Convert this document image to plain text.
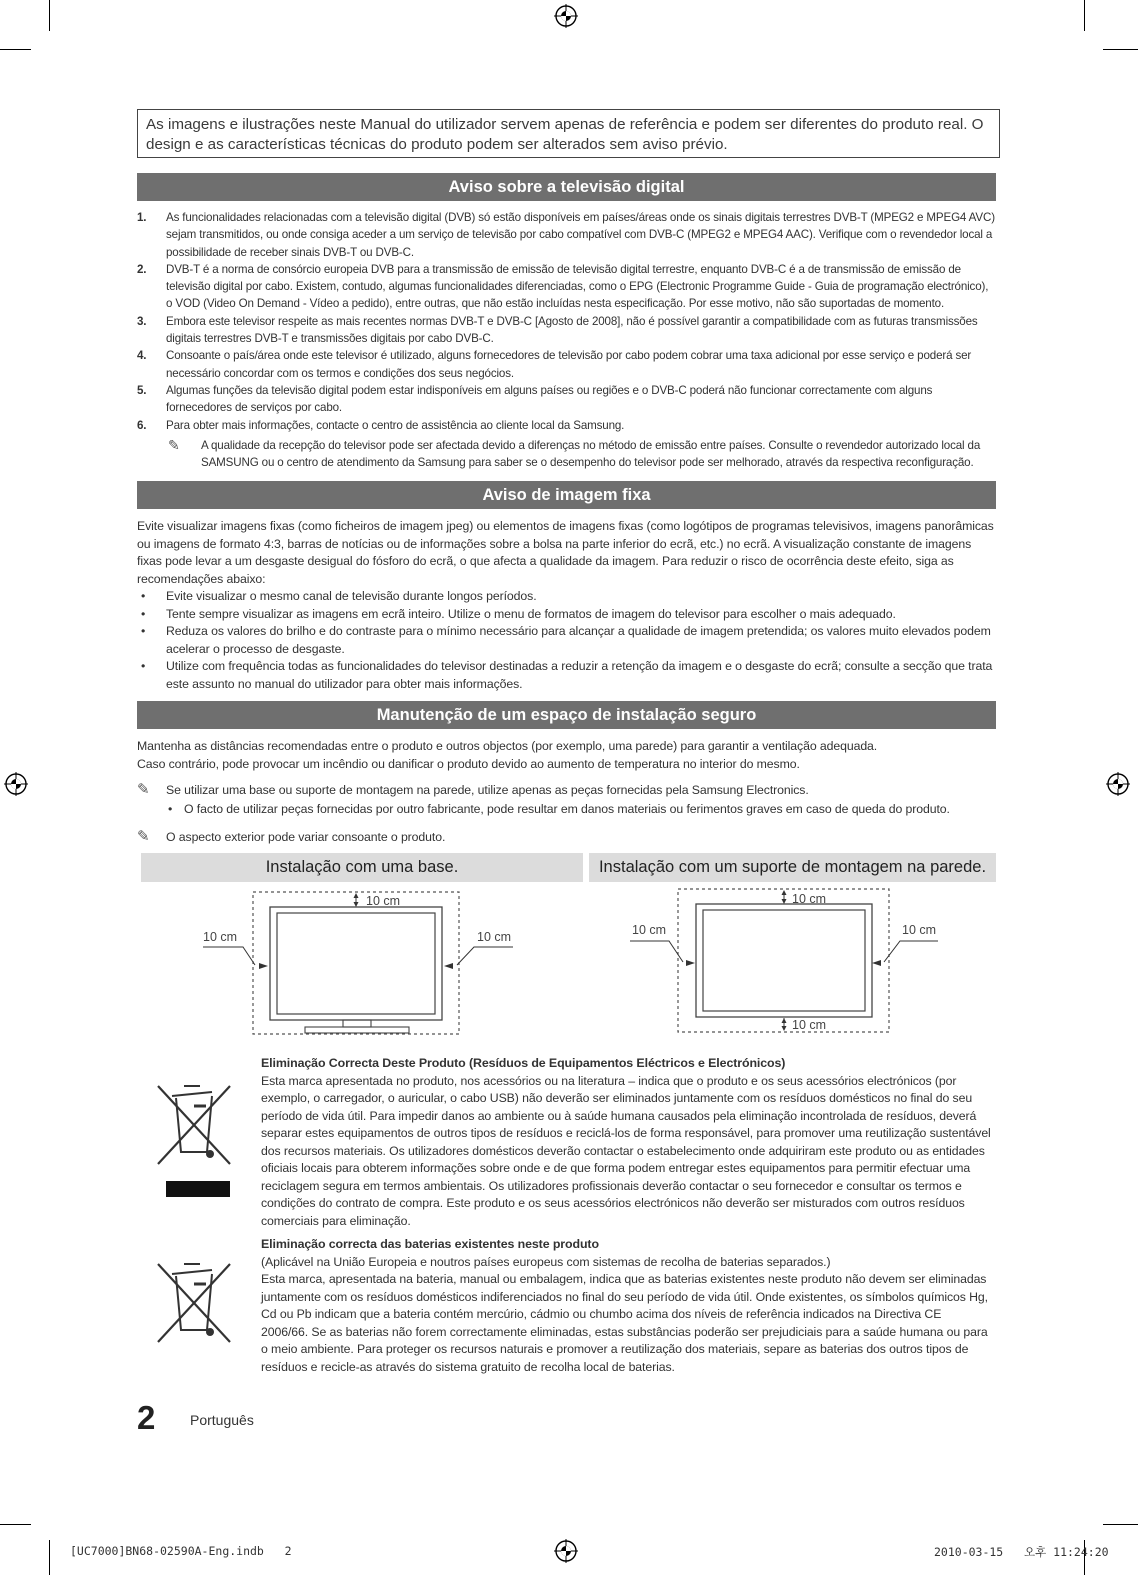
As imagens e ilustrações neste Manual do utilizador servem apenas de referência e podem ser diferentes do produto real. O design e as características técnicas do produto podem ser alterados sem aviso prévio.
Aviso sobre a televisão digital
1. As funcionalidades relacionadas com a televisão digital (DVB) só estão disponíveis em países/áreas onde os sinais digitais terrestres DVB-T (MPEG2 e MPEG4 AVC) sejam transmitidos, ou onde consiga aceder a um serviço de televisão por cabo compatível com DVB-C (MPEG2 e MPEG4 AAC). Verifique com o revendedor local a possibilidade de receber sinais DVB-T ou DVB-C.
2. DVB-T é a norma de consórcio europeia DVB para a transmissão de emissão de televisão digital terrestre, enquanto DVB-C é a de transmissão de emissão de televisão digital por cabo. Existem, contudo, algumas funcionalidades diferenciadas, como o EPG (Electronic Programme Guide - Guia de programação electrónico), o VOD (Video On Demand - Vídeo a pedido), entre outras, que não estão incluídas nesta especificação. Por esse motivo, não são suportadas de momento.
3. Embora este televisor respeite as mais recentes normas DVB-T e DVB-C [Agosto de 2008], não é possível garantir a compatibilidade com as futuras transmissões digitais terrestres DVB-T e transmissões digitais por cabo DVB-C.
4. Consoante o país/área onde este televisor é utilizado, alguns fornecedores de televisão por cabo podem cobrar uma taxa adicional por esse serviço e poderá ser necessário concordar com os termos e condições dos seus negócios.
5. Algumas funções da televisão digital podem estar indisponíveis em alguns países ou regiões e o DVB-C poderá não funcionar correctamente com alguns fornecedores de serviços por cabo.
6. Para obter mais informações, contacte o centro de assistência ao cliente local da Samsung.
✎ A qualidade da recepção do televisor pode ser afectada devido a diferenças no método de emissão entre países. Consulte o revendedor autorizado local da SAMSUNG ou o centro de atendimento da Samsung para saber se o desempenho do televisor pode ser melhorado, através da respectiva reconfiguração.
Aviso de imagem fixa
Evite visualizar imagens fixas (como ficheiros de imagem jpeg) ou elementos de imagens fixas (como logótipos de programas televisivos, imagens panorâmicas ou imagens de formato 4:3, barras de notícias ou de informações sobre a bolsa na parte inferior do ecrã, etc.) no ecrã. A visualização constante de imagens fixas pode levar a um desgaste desigual do fósforo do ecrã, o que afecta a qualidade da imagem. Para reduzir o risco de ocorrência deste efeito, siga as recomendações abaixo:
• Evite visualizar o mesmo canal de televisão durante longos períodos.
• Tente sempre visualizar as imagens em ecrã inteiro. Utilize o menu de formatos de imagem do televisor para escolher o mais adequado.
• Reduza os valores do brilho e do contraste para o mínimo necessário para alcançar a qualidade de imagem pretendida; os valores muito elevados podem acelerar o processo de desgaste.
• Utilize com frequência todas as funcionalidades do televisor destinadas a reduzir a retenção da imagem e o desgaste do ecrã; consulte a secção que trata este assunto no manual do utilizador para obter mais informações.
Manutenção de um espaço de instalação seguro
Mantenha as distâncias recomendadas entre o produto e outros objectos (por exemplo, uma parede) para garantir a ventilação adequada.
Caso contrário, pode provocar um incêndio ou danificar o produto devido ao aumento de temperatura no interior do mesmo.
✎ Se utilizar uma base ou suporte de montagem na parede, utilize apenas as peças fornecidas pela Samsung Electronics.
• O facto de utilizar peças fornecidas por outro fabricante, pode resultar em danos materiais ou ferimentos graves em caso de queda do produto.
✎ O aspecto exterior pode variar consoante o produto.
Instalação com uma base.	Instalação com um suporte de montagem na parede.
10 cm
10 cm	10 cm
10 cm
10 cm	10 cm
10 cm
Eliminação Correcta Deste Produto (Resíduos de Equipamentos Eléctricos e Electrónicos)
Esta marca apresentada no produto, nos acessórios ou na literatura – indica que o produto e os seus acessórios electrónicos (por exemplo, o carregador, o auricular, o cabo USB) não deverão ser eliminados juntamente com os resíduos domésticos no final do seu período de vida útil. Para impedir danos ao ambiente ou à saúde humana causados pela eliminação incontrolada de resíduos, deverá separar estes equipamentos de outros tipos de resíduos e reciclá-los de forma responsável, para promover uma reutilização sustentável dos recursos materiais. Os utilizadores domésticos deverão contactar o estabelecimento onde adquiriram este produto ou as entidades oficiais locais para obterem informações sobre onde e de que forma podem entregar estes equipamentos para permitir efectuar uma reciclagem segura em termos ambientais. Os utilizadores profissionais deverão contactar o seu fornecedor e consultar os termos e condições do contrato de compra. Este produto e os seus acessórios electrónicos não deverão ser misturados com outros resíduos comerciais para eliminação.
Eliminação correcta das baterias existentes neste produto
(Aplicável na União Europeia e noutros países europeus com sistemas de recolha de baterias separados.)
Esta marca, apresentada na bateria, manual ou embalagem, indica que as baterias existentes neste produto não devem ser eliminadas juntamente com os resíduos domésticos indiferenciados no final do seu período de vida útil. Onde existentes, os símbolos químicos Hg, Cd ou Pb indicam que a bateria contém mercúrio, cádmio ou chumbo acima dos níveis de referência indicados na Directiva CE 2006/66. Se as baterias não forem correctamente eliminadas, estas substâncias poderão ser prejudiciais para a saúde humana ou para o meio ambiente. Para proteger os recursos naturais e promover a reutilização dos materiais, separe as baterias dos outros tipos de resíduos e recicle-as através do sistema gratuito de recolha local de baterias.
2 Português
[UC7000]BN68-02590A-Eng.indb   2	2010-03-15   오후 11:24:20
